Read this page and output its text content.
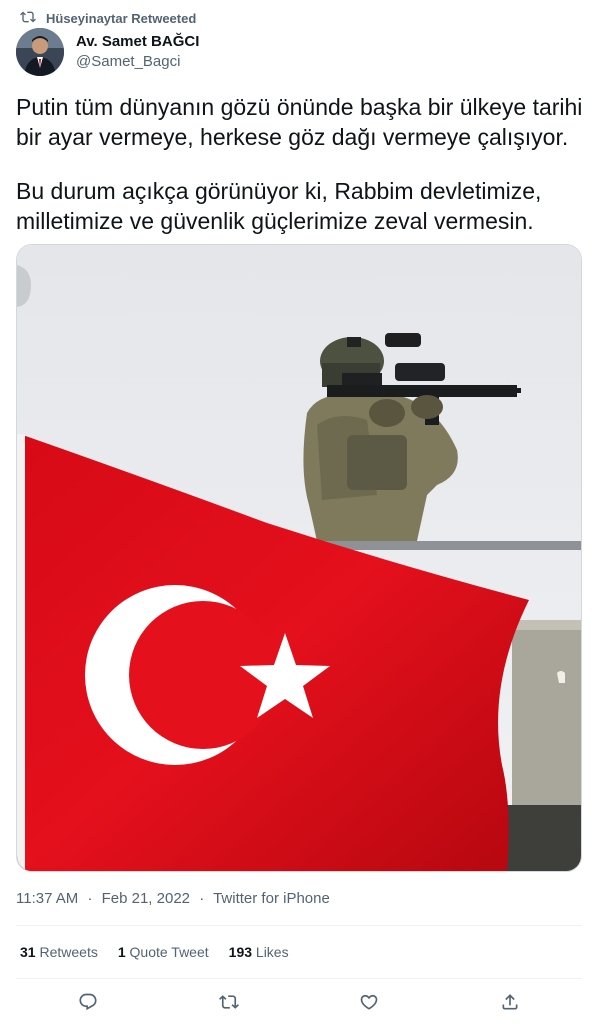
Hüseyinaytar Retweeted
Av. Samet BAĞCI
@Samet_Bagci

Putin tüm dünyanın gözü önünde başka bir ülkeye tarihi bir ayar vermeye, herkese göz dağı vermeye çalışıyor.

Bu durum açıkça görünüyor ki, Rabbim devletimize, milletimize ve güvenlik güçlerimize zeval vermesin.

11:37 AM · Feb 21, 2022 · Twitter for iPhone
31 Retweets 1 Quote Tweet 193 Likes
